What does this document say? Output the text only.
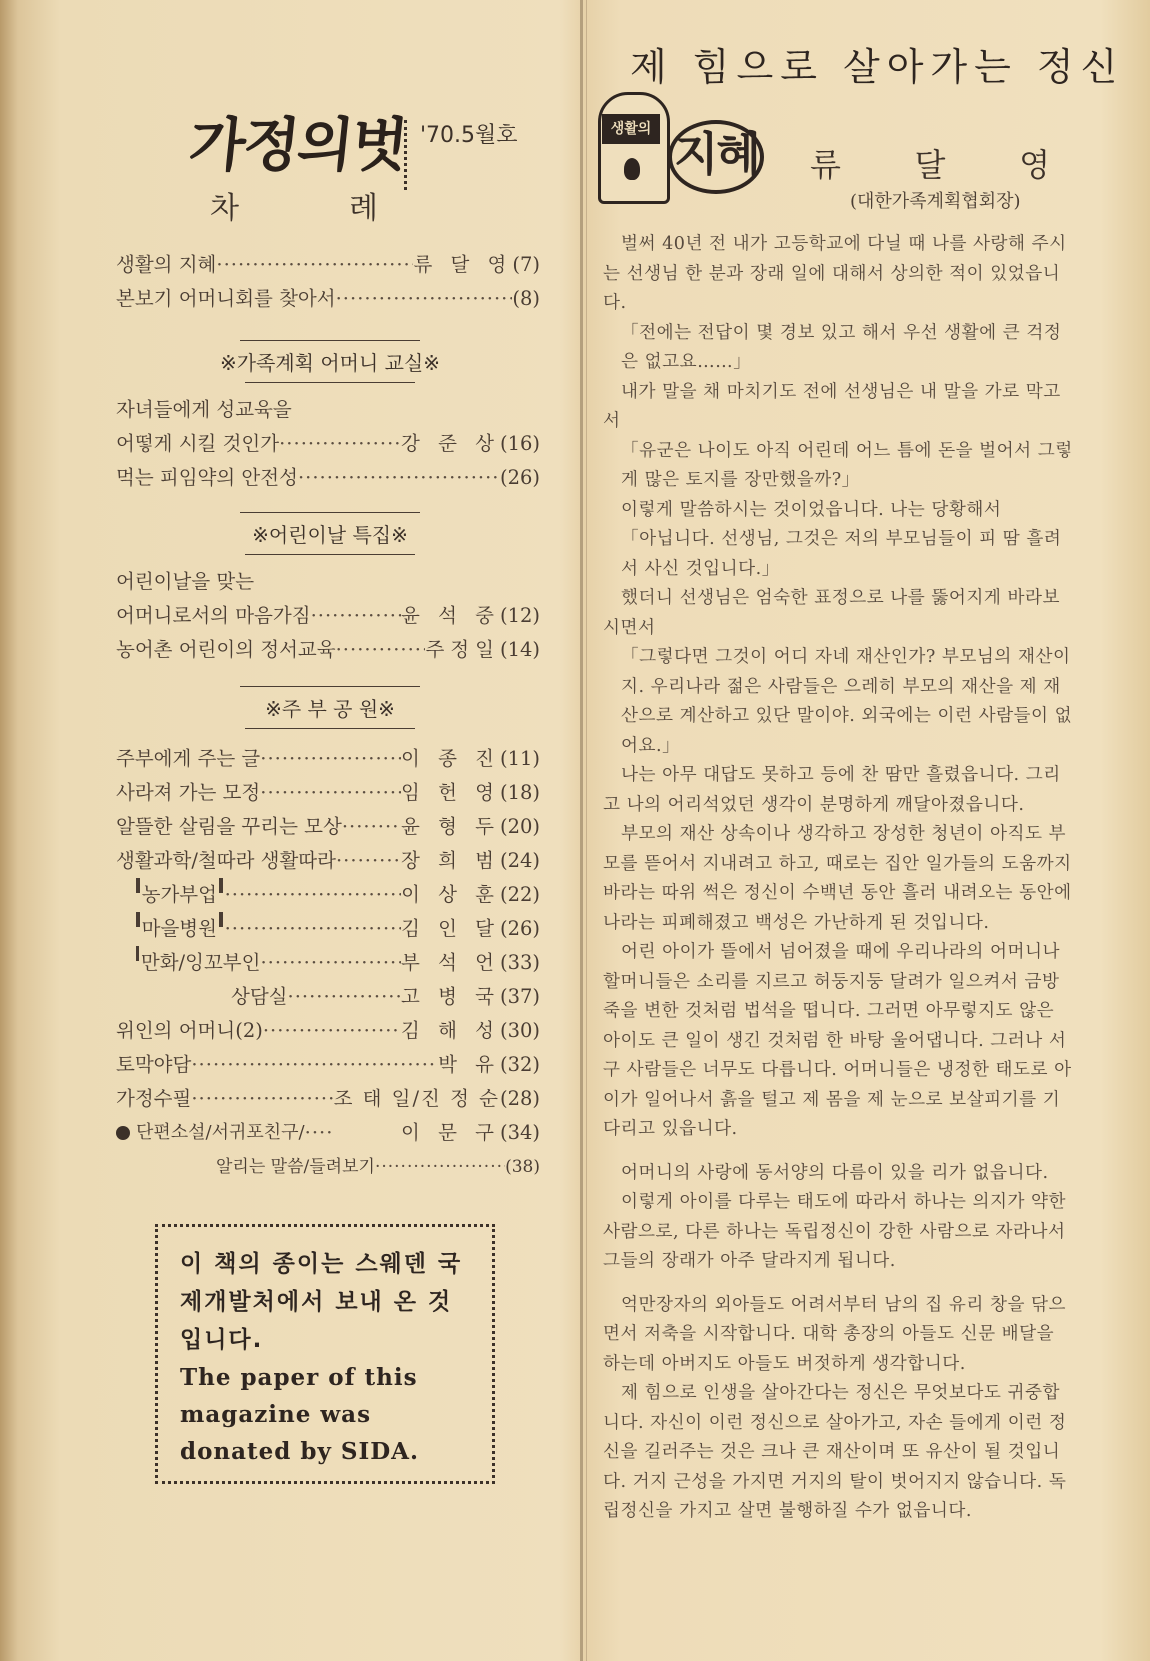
가정의벗 '70.5월호
차례
생활의 지혜 ·····	류 달 영 (7)
본보기 어머니회를 찾아서 ·····	(8)
※가족계획 어머니 교실※
자녀들에게 성교육을
어떻게 시킬 것인가 ·····	강 준 상 (16)
먹는 피임약의 안전성 ·····	(26)
※어린이날 특집※
어린이날을 맞는
어머니로서의 마음가짐 ·····	윤 석 중 (12)
농어촌 어린이의 정서교육 ·····	주정일 (14)
※주 부 공 원※
주부에게 주는 글 ·····	이 종 진 (11)
사라져 가는 모정 ·····	임 헌 영 (18)
알뜰한 살림을 꾸리는 모상 ·····	윤 형 두 (20)
생활과학/철따라 생활따라 ·····	장 희 범 (24)
농가부업 ·····	이 상 훈 (22)
마을병원 ·····	김 인 달 (26)
만화/잉꼬부인 ·····	부 석 언 (33)
상담실 ·····	고 병 국 (37)
위인의 어머니(2) ·····	김 해 성 (30)
토막야담 ·····	박 유 (32)
가정수필 ·····	조 태 일/진 정 순 (28)
단편소설/서귀포친구/ ·····	이 문 구 (34)
알리는 말씀/들려보기 ·····	(38)
이 책의 종이는 스웨덴 국제개발처에서 보내 온 것입니다.
The paper of this magazine was donated by SIDA.
제 힘으로 살아가는 정신
생활의 지혜 류 달 영
(대한가족계획협회장)

벌써 40년 전 내가 고등학교에 다닐 때 나를 사랑해 주시는 선생님 한 분과 장래 일에 대해서 상의한 적이 있었읍니다.

「전에는 전답이 몇 경보 있고 해서 우선 생활에 큰 걱정은 없고요……」

내가 말을 채 마치기도 전에 선생님은 내 말을 가로 막고서

「유군은 나이도 아직 어린데 어느 틈에 돈을 벌어서 그렇게 많은 토지를 장만했을까?」

이렇게 말씀하시는 것이었읍니다. 나는 당황해서

「아닙니다. 선생님, 그것은 저의 부모님들이 피 땀 흘려서 사신 것입니다.」

했더니 선생님은 엄숙한 표정으로 나를 뚫어지게 바라보시면서

「그렇다면 그것이 어디 자네 재산인가? 부모님의 재산이지. 우리나라 젊은 사람들은 으레히 부모의 재산을 제 재산으로 계산하고 있단 말이야. 외국에는 이런 사람들이 없어요.」

나는 아무 대답도 못하고 등에 찬 땀만 흘렸읍니다. 그리고 나의 어리석었던 생각이 분명하게 깨달아졌읍니다.

부모의 재산 상속이나 생각하고 장성한 청년이 아직도 부모를 뜯어서 지내려고 하고, 때로는 집안 일가들의 도움까지 바라는 따위 썩은 정신이 수백년 동안 흘러 내려오는 동안에 나라는 피폐해졌고 백성은 가난하게 된 것입니다.

어린 아이가 뜰에서 넘어졌을 때에 우리나라의 어머니나 할머니들은 소리를 지르고 허둥지둥 달려가 일으켜서 금방 죽을 변한 것처럼 법석을 떱니다. 그러면 아무렇지도 않은 아이도 큰 일이 생긴 것처럼 한 바탕 울어댑니다. 그러나 서구 사람들은 너무도 다릅니다. 어머니들은 냉정한 태도로 아이가 일어나서 흙을 털고 제 몸을 제 눈으로 보살피기를 기다리고 있읍니다.

어머니의 사랑에 동서양의 다름이 있을 리가 없읍니다.

이렇게 아이를 다루는 태도에 따라서 하나는 의지가 약한 사람으로, 다른 하나는 독립정신이 강한 사람으로 자라나서 그들의 장래가 아주 달라지게 됩니다.

억만장자의 외아들도 어려서부터 남의 집 유리 창을 닦으면서 저축을 시작합니다. 대학 총장의 아들도 신문 배달을 하는데 아버지도 아들도 버젓하게 생각합니다.

제 힘으로 인생을 살아간다는 정신은 무엇보다도 귀중합니다. 자신이 이런 정신으로 살아가고, 자손 들에게 이런 정신을 길러주는 것은 크나 큰 재산이며 또 유산이 될 것입니다. 거지 근성을 가지면 거지의 탈이 벗어지지 않습니다. 독립정신을 가지고 살면 불행하질 수가 없읍니다.
